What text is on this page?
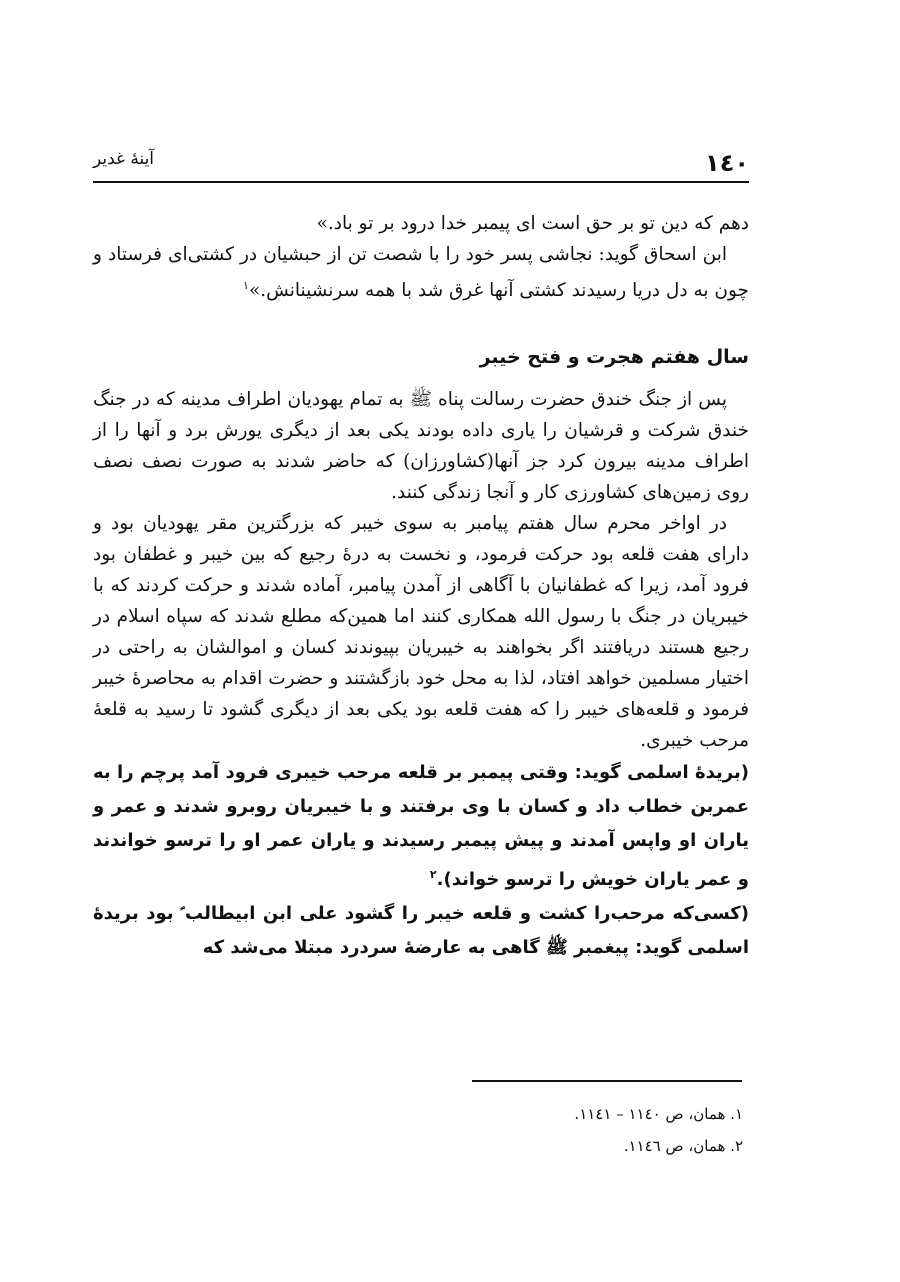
١٤٠
آینهٔ غدیر

دهم که دین تو بر حق است ای پیمبر خدا درود بر تو باد.»

ابن اسحاق گوید: نجاشی پسر خود را با شصت تن از حبشیان در کشتی‌ای فرستاد و چون به دل دریا رسیدند کشتی آنها غرق شد با همه سرنشینانش.»$^١$

سال هفتم هجرت و فتح خیبر

پس از جنگ خندق حضرت رسالت پناه ﷺ به تمام یهودیان اطراف مدینه که در جنگ خندق شرکت و قرشیان را یاری داده بودند یکی بعد از دیگری یورش برد و آنها را از اطراف مدینه بیرون کرد جز آنها(کشاورزان) که حاضر شدند به صورت نصف نصف روی زمین‌های کشاورزی کار و آنجا زندگی کنند.

در اواخر محرم سال هفتم پیامبر به سوی خیبر که بزرگترین مقر یهودیان بود و دارای هفت قلعه بود حرکت فرمود، و نخست به درهٔ رجیع که بین خیبر و غطفان بود فرود آمد، زیرا که غطفانیان با آگاهی از آمدن پیامبر، آماده شدند و حرکت کردند که با خیبریان در جنگ با رسول الله همکاری کنند اما همین‌که مطلع شدند که سپاه اسلام در رجیع هستند دریافتند اگر بخواهند به خیبریان بپیوندند کسان و اموالشان به راحتی در اختیار مسلمین خواهد افتاد، لذا به محل خود بازگشتند و حضرت اقدام به محاصرهٔ خیبر فرمود و قلعه‌های خیبر را که هفت قلعه بود یکی بعد از دیگری گشود تا رسید به قلعهٔ مرحب خیبری.

(بریدهٔ اسلمی گوید: وقتی پیمبر بر قلعه مرحب خیبری فرود آمد پرچم را به عمربن خطاب داد و کسان با وی برفتند و با خیبریان روبرو شدند و عمر و یاران او واپس آمدند و پیش پیمبر رسیدند و یاران عمر او را ترسو خواندند و عمر یاران خویش را ترسو خواند).$^٢$

(کسی‌که مرحب‌را کشت و قلعه خیبر را گشود علی ابن ابیطالب ؑ بود بریدهٔ اسلمی گوید: پیغمبر ﷺ گاهی به عارضهٔ سردرد مبتلا می‌شد که

١. همان، ص ١١٤٠ – ١١٤١.
٢. همان، ص ١١٤٦.
